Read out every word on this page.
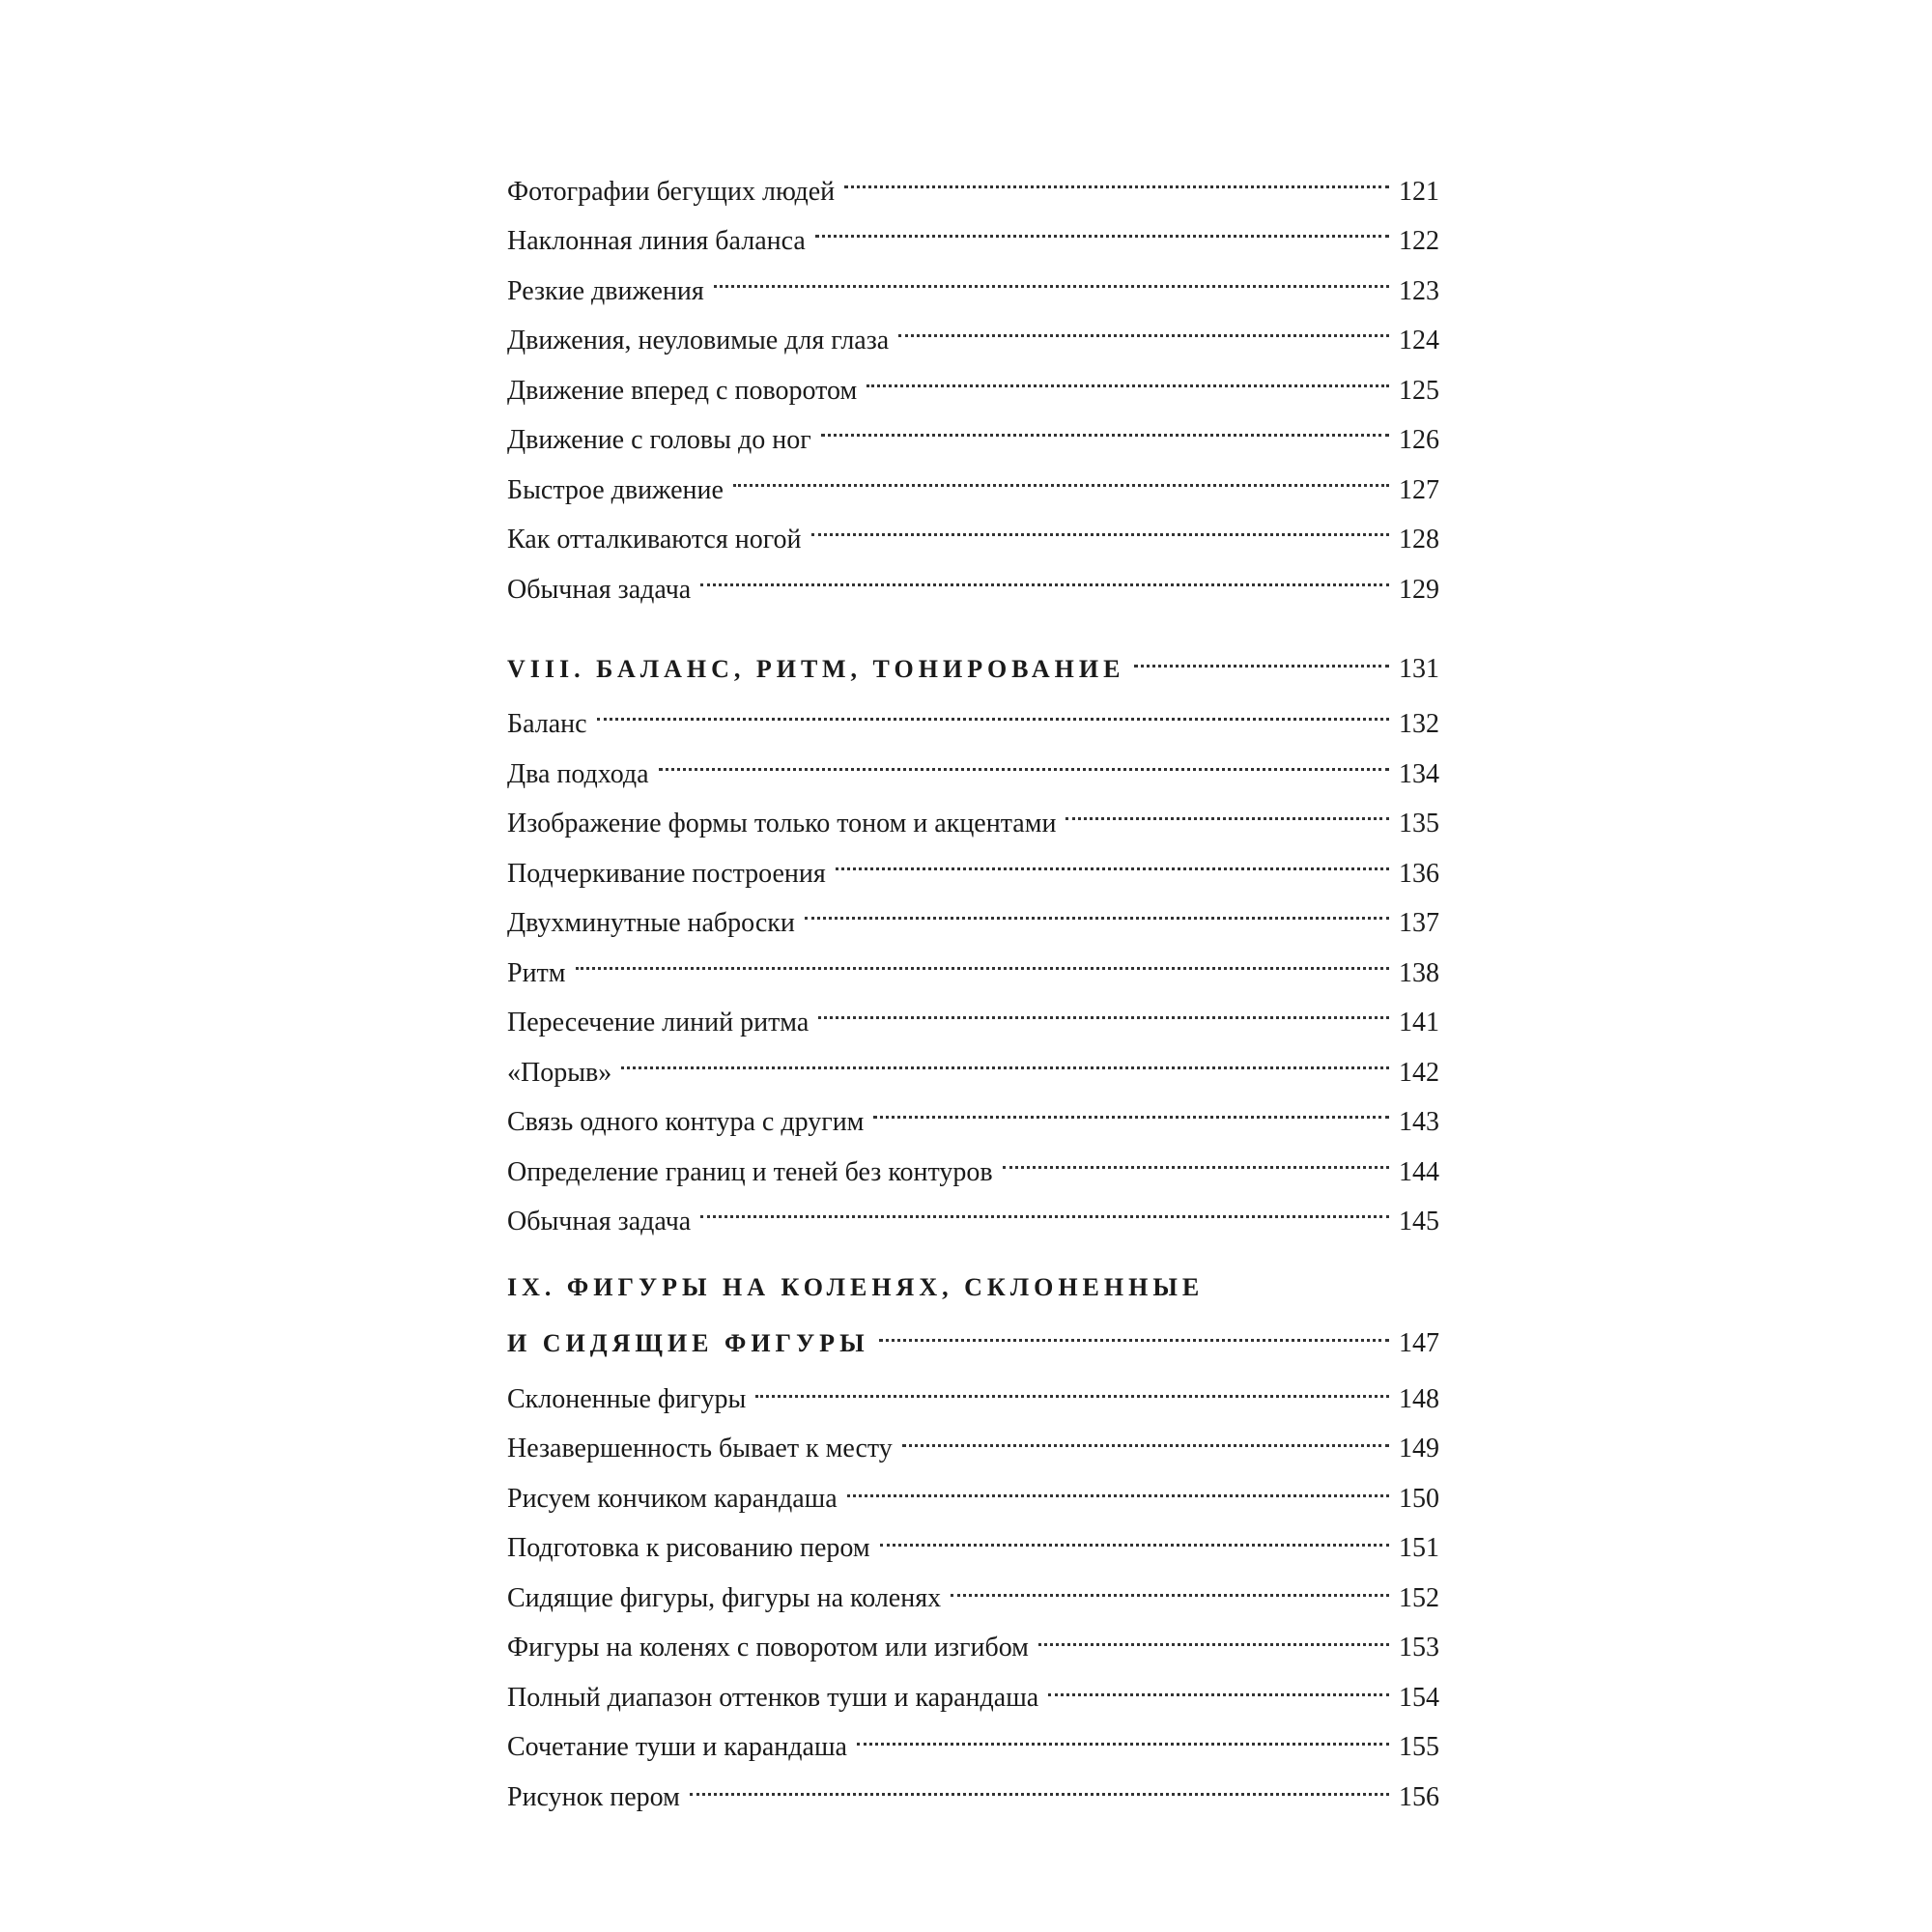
Фотографии бегущих людей	121
Наклонная линия баланса	122
Резкие движения	123
Движения, неуловимые для глаза	124
Движение вперед с поворотом	125
Движение с головы до ног	126
Быстрое движение	127
Как отталкиваются ногой	128
Обычная задача	129
VIII. БАЛАНС, РИТМ, ТОНИРОВАНИЕ	131
Баланс	132
Два подхода	134
Изображение формы только тоном и акцентами	135
Подчеркивание построения	136
Двухминутные наброски	137
Ритм	138
Пересечение линий ритма	141
«Порыв»	142
Связь одного контура с другим	143
Определение границ и теней без контуров	144
Обычная задача	145
IX. ФИГУРЫ НА КОЛЕНЯХ, СКЛОНЕННЫЕ
И СИДЯЩИЕ ФИГУРЫ	147
Склоненные фигуры	148
Незавершенность бывает к месту	149
Рисуем кончиком карандаша	150
Подготовка к рисованию пером	151
Сидящие фигуры, фигуры на коленях	152
Фигуры на коленях с поворотом или изгибом	153
Полный диапазон оттенков туши и карандаша	154
Сочетание туши и карандаша	155
Рисунок пером	156
